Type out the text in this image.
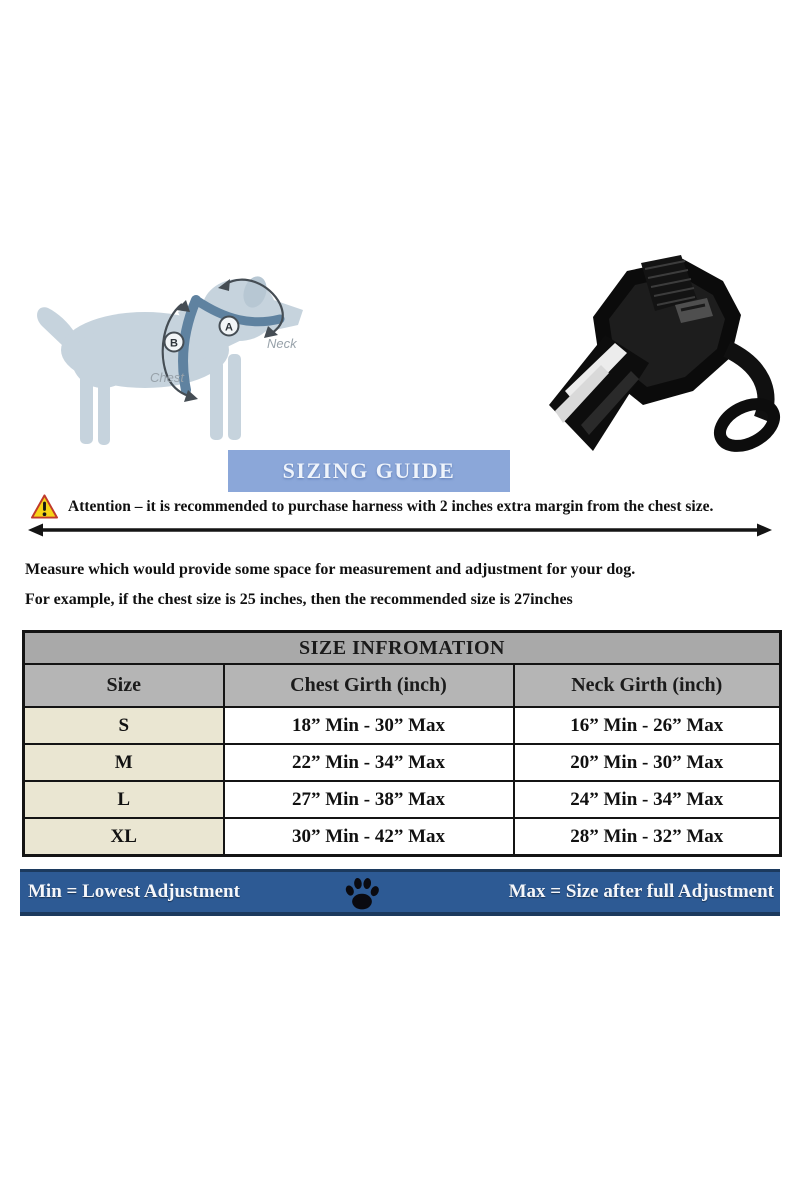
A
B	Neck
Chest
SIZING GUIDE
Attention – it is recommended to purchase harness with 2 inches extra margin from the chest size.

Measure which would provide some space for measurement and adjustment for your dog.

For example, if the chest size is 25 inches, then the recommended size is 27inches

SIZE INFROMATION		
Size	Chest Girth (inch)	Neck Girth (inch)
S	18” Min - 30” Max	16” Min - 26” Max
M	22” Min - 34” Max	20” Min - 30” Max
L	27” Min - 38” Max	24” Min - 34” Max
XL	30” Min - 42” Max	28” Min - 32” Max
Min = Lowest Adjustment	Max = Size after full Adjustment
